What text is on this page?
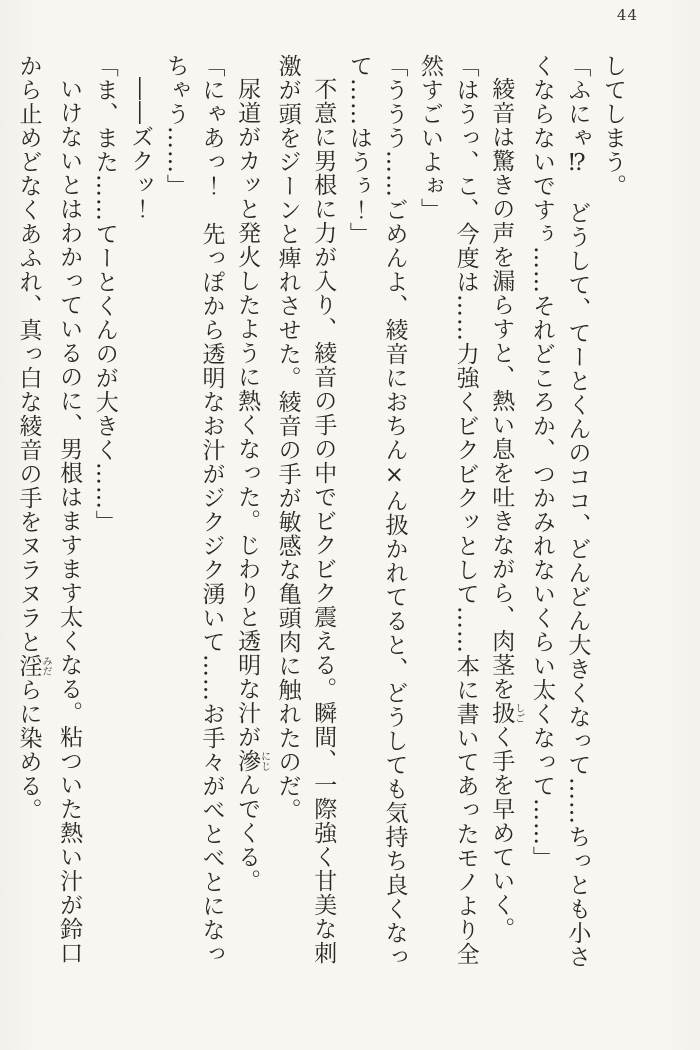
44

してしまう。

「ふにゃ⁉　どうして、てーとくんのココ、どんどん大きくなって……ちっとも小さ

くならないですぅ……それどころか、つかみれないくらい太くなって……」

綾音は驚きの声を漏らすと、熱い息を吐きながら、肉茎を扱しごく手を早めていく。

「はうっ、こ、今度は……力強くビクビクッとして……本に書いてあったモノより全

然すごいよぉ」

「ううう……ごめんよ、綾音におちん×ん扱かれてると、どうしても気持ち良くなっ

て……はうぅ！」

不意に男根に力が入り、綾音の手の中でビクビク震える。瞬間、一際強く甘美な刺

激が頭をジーンと痺れさせた。綾音の手が敏感な亀頭肉に触れたのだ。

尿道がカッと発火したように熱くなった。じわりと透明な汁が滲にじんでくる。

「にゃあっ！　先っぽから透明なお汁がジクジク湧いて……お手々がべとべとになっ

ちゃう……」

――ズクッ！

「ま、また……てーとくんのが大きく……」

いけないとはわかっているのに、男根はますます太くなる。粘ついた熱い汁が鈴口

から止めどなくあふれ、真っ白な綾音の手をヌラヌラと淫みだらに染める。
